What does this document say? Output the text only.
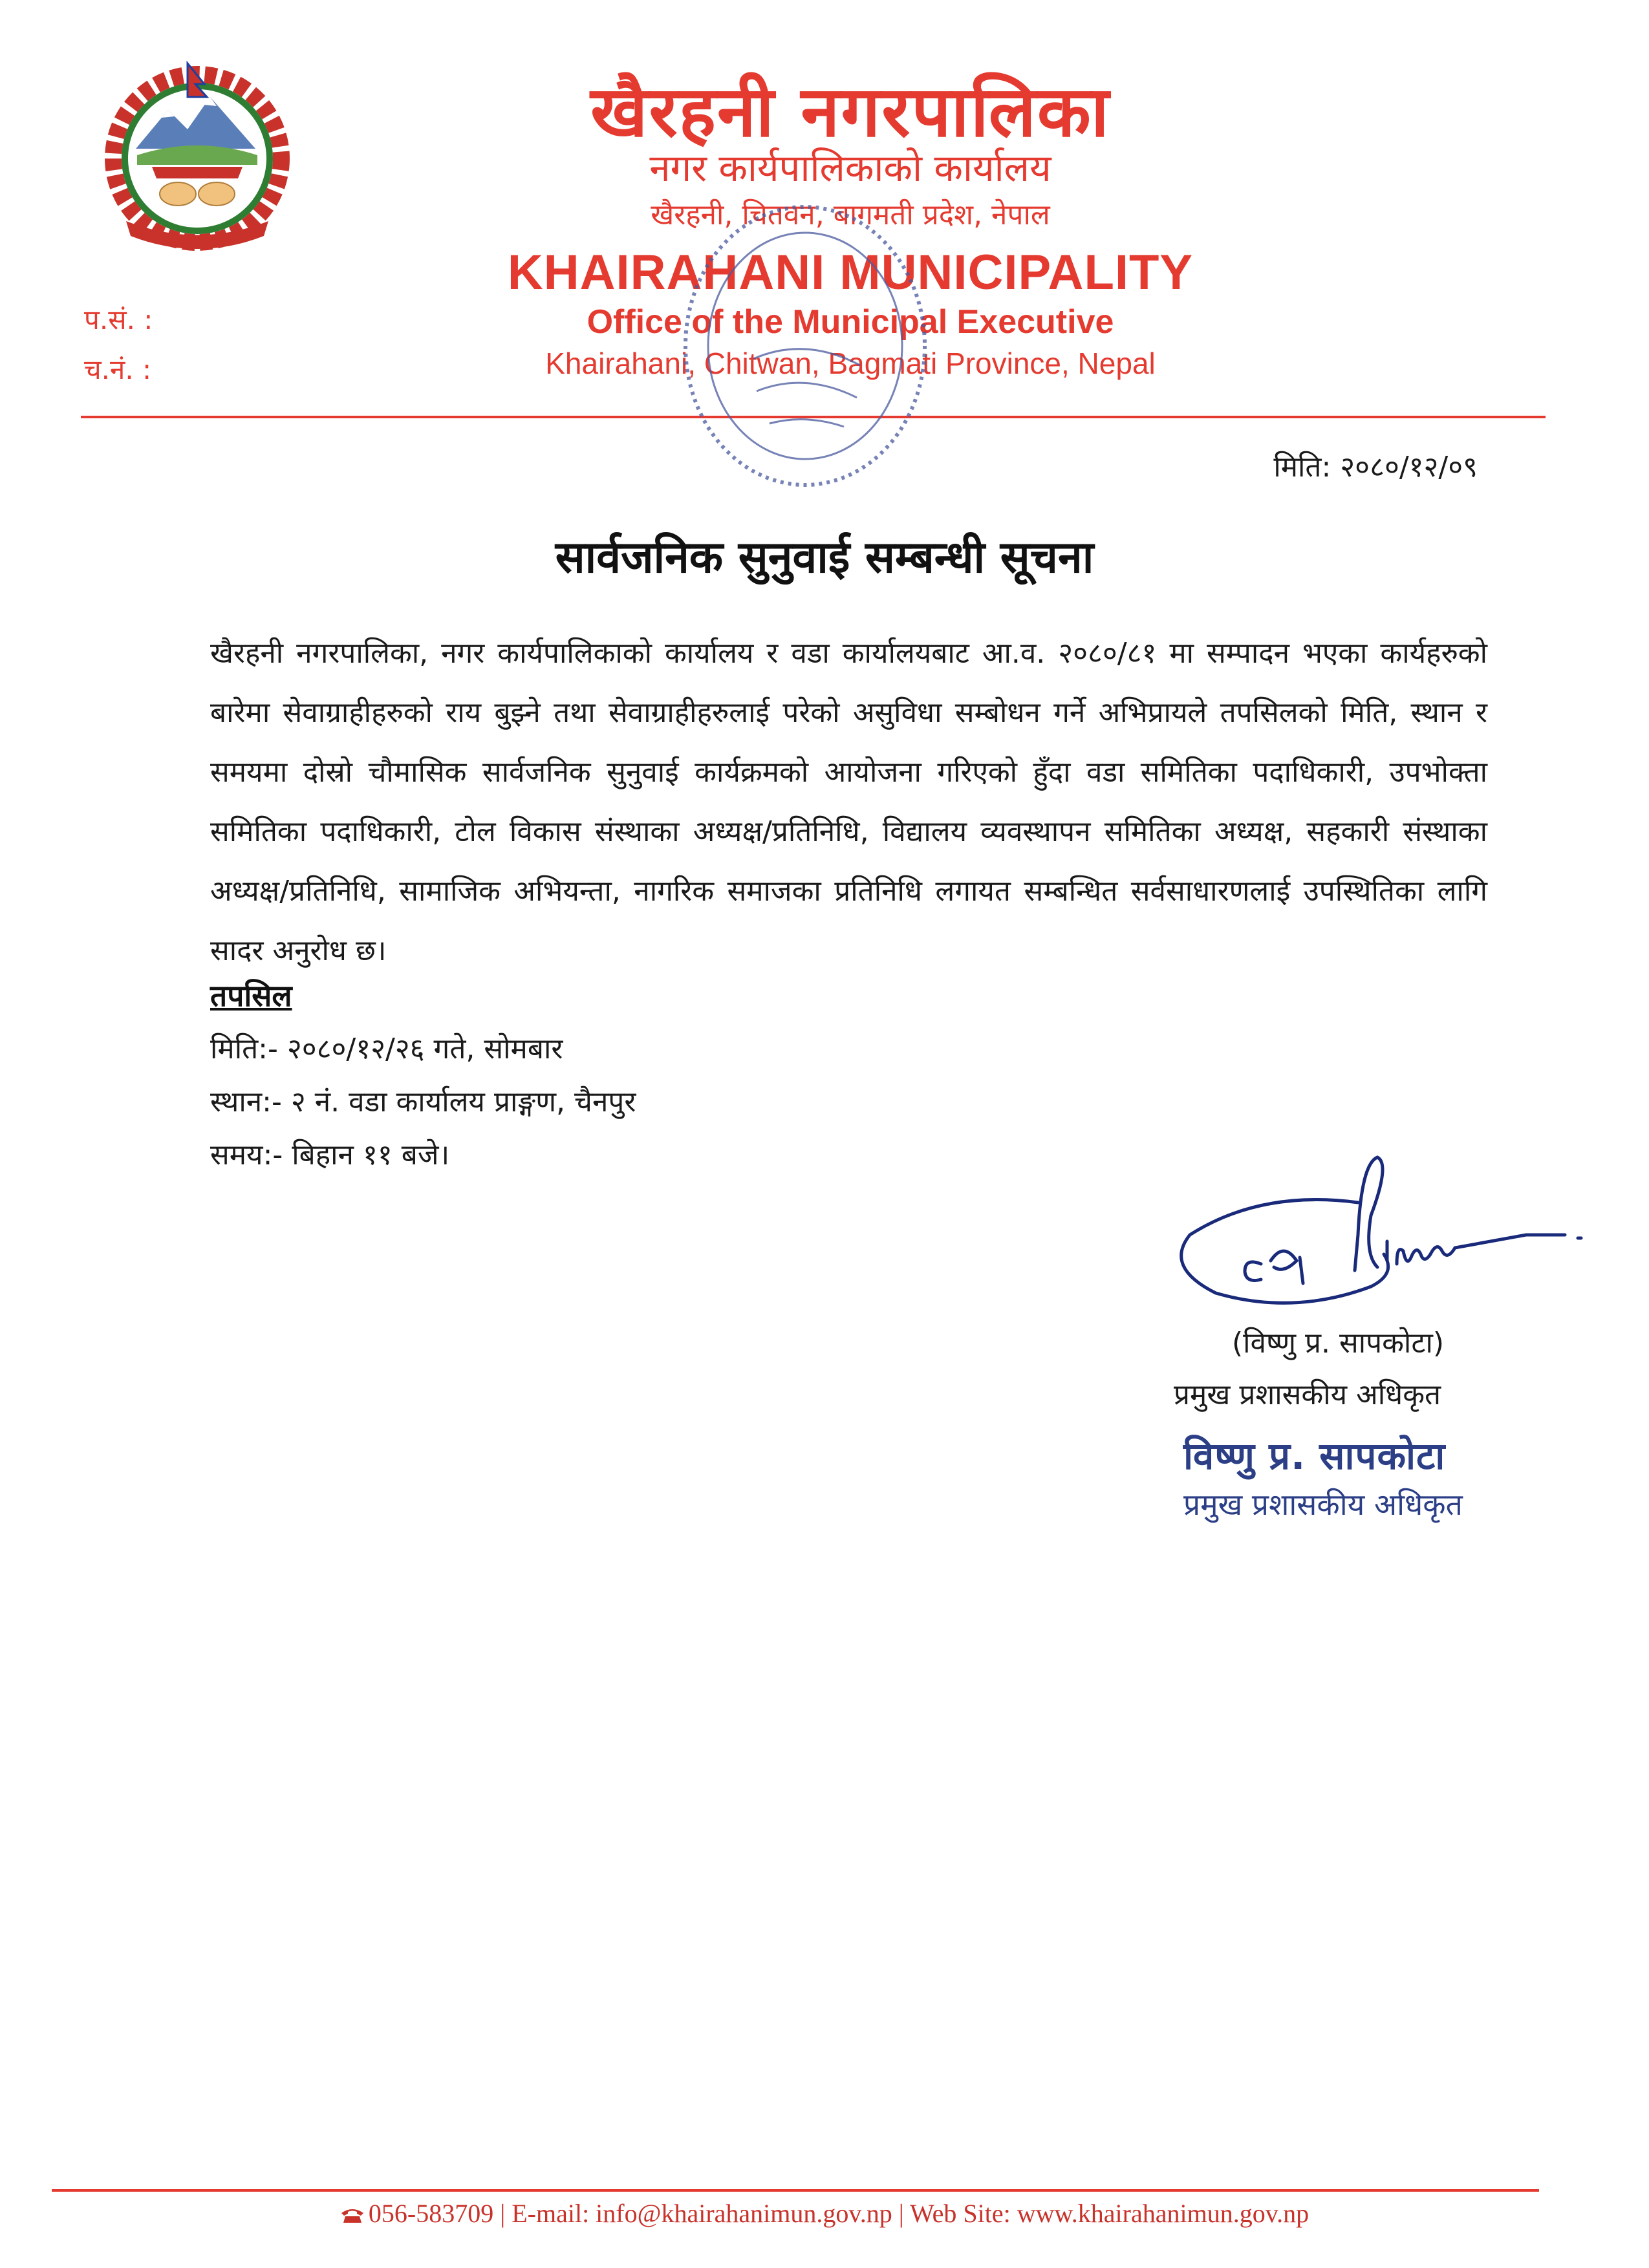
खैरहनी नगरपालिका
नगर कार्यपालिकाको कार्यालय
खैरहनी, चितवन, बागमती प्रदेश, नेपाल
KHAIRAHANI MUNICIPALITY
Office of the Municipal Executive
Khairahani, Chitwan, Bagmati Province, Nepal
प.सं. :
च.नं. :
मिति: २०८०/१२/०९
सार्वजनिक सुनुवाई सम्बन्धी सूचना
खैरहनी नगरपालिका, नगर कार्यपालिकाको कार्यालय र वडा कार्यालयबाट आ.व. २०८०/८१ मा सम्पादन भएका कार्यहरुको बारेमा सेवाग्राहीहरुको राय बुझ्ने तथा सेवाग्राहीहरुलाई परेको असुविधा सम्बोधन गर्ने अभिप्रायले तपसिलको मिति, स्थान र समयमा दोस्रो चौमासिक सार्वजनिक सुनुवाई कार्यक्रमको आयोजना गरिएको हुँदा वडा समितिका पदाधिकारी, उपभोक्ता समितिका पदाधिकारी, टोल विकास संस्थाका अध्यक्ष/प्रतिनिधि, विद्यालय व्यवस्थापन समितिका अध्यक्ष, सहकारी संस्थाका अध्यक्ष/प्रतिनिधि, सामाजिक अभियन्ता, नागरिक समाजका प्रतिनिधि लगायत सम्बन्धित सर्वसाधारणलाई उपस्थितिका लागि सादर अनुरोध छ।
तपसिल
मिति:- २०८०/१२/२६ गते, सोमबार
स्थान:- २ नं. वडा कार्यालय प्राङ्गण, चैनपुर
समय:- बिहान ११ बजे।
(विष्णु प्र. सापकोटा)
प्रमुख प्रशासकीय अधिकृत
विष्णु प्र. सापकोटा
प्रमुख प्रशासकीय अधिकृत
056-583709 | E-mail: info@khairahanimun.gov.np | Web Site: www.khairahanimun.gov.np
